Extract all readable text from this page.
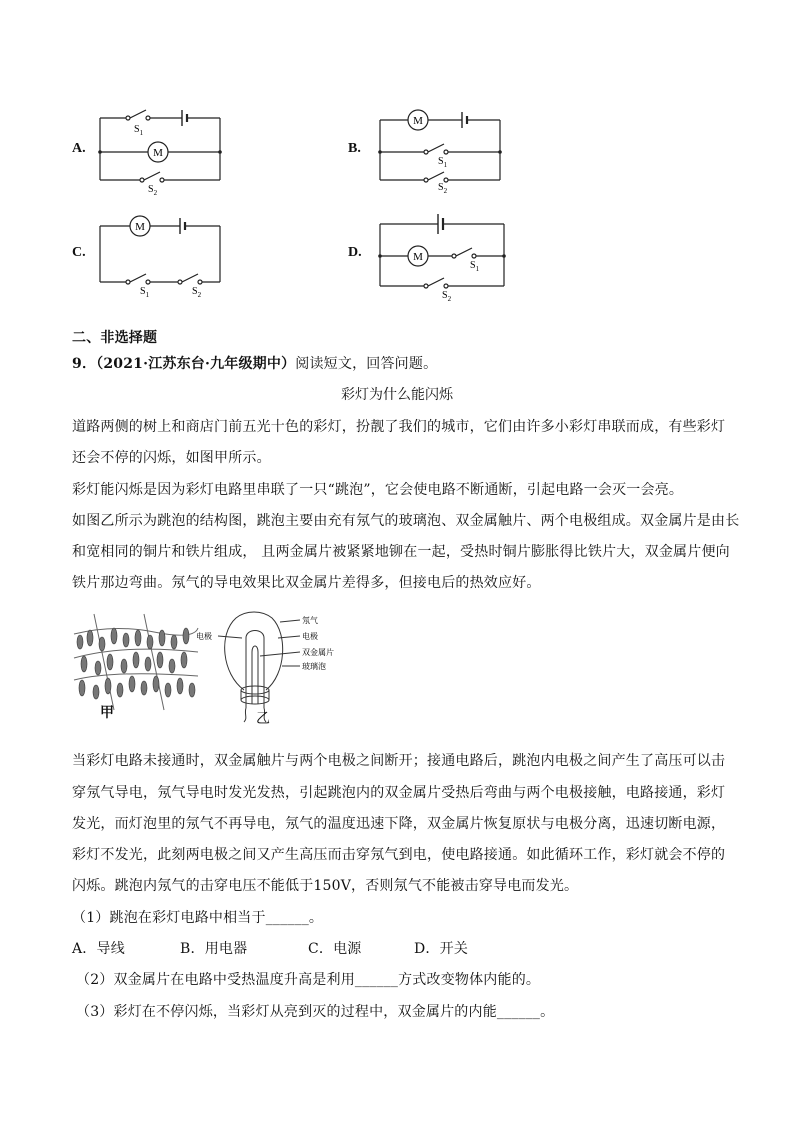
A.	M
$S_1$
$S_2$
B.
M
$S_1$
$S_2$
C.
M
$S_1$	$S_2$
D.	M
$S_1$
$S_2$
二、非选择题
9．（2021·江苏东台·九年级期中）阅读短文，回答问题。
彩灯为什么能闪烁
道路两侧的树上和商店门前五光十色的彩灯，扮靓了我们的城市，它们由许多小彩灯串联而成，有些彩灯
还会不停的闪烁，如图甲所示。
彩灯能闪烁是因为彩灯电路里串联了一只“跳泡”，它会使电路不断通断，引起电路一会灭一会亮。
如图乙所示为跳泡的结构图，跳泡主要由充有氖气的玻璃泡、双金属触片、两个电极组成。双金属片是由长
和宽相同的铜片和铁片组成， 且两金属片被紧紧地铆在一起，受热时铜片膨胀得比铁片大，双金属片便向
铁片那边弯曲。氖气的导电效果比双金属片差得多，但接电后的热效应好。
甲
电极
氖气
电极
双金属片
玻璃泡
乙
当彩灯电路未接通时，双金属触片与两个电极之间断开；接通电路后，跳泡内电极之间产生了高压可以击
穿氖气导电，氖气导电时发光发热，引起跳泡内的双金属片受热后弯曲与两个电极接触，电路接通，彩灯
发光，而灯泡里的氖气不再导电，氖气的温度迅速下降，双金属片恢复原状与电极分离，迅速切断电源，
彩灯不发光，此刻两电极之间又产生高压而击穿氖气到电，使电路接通。如此循环工作，彩灯就会不停的
闪烁。跳泡内氖气的击穿电压不能低于150V，否则氖气不能被击穿导电而发光。
（1）跳泡在彩灯电路中相当于______。
A．导线	B．用电器	C．电源	D．开关
（2）双金属片在电路中受热温度升高是利用______方式改变物体内能的。
（3）彩灯在不停闪烁，当彩灯从亮到灭的过程中，双金属片的内能______。
